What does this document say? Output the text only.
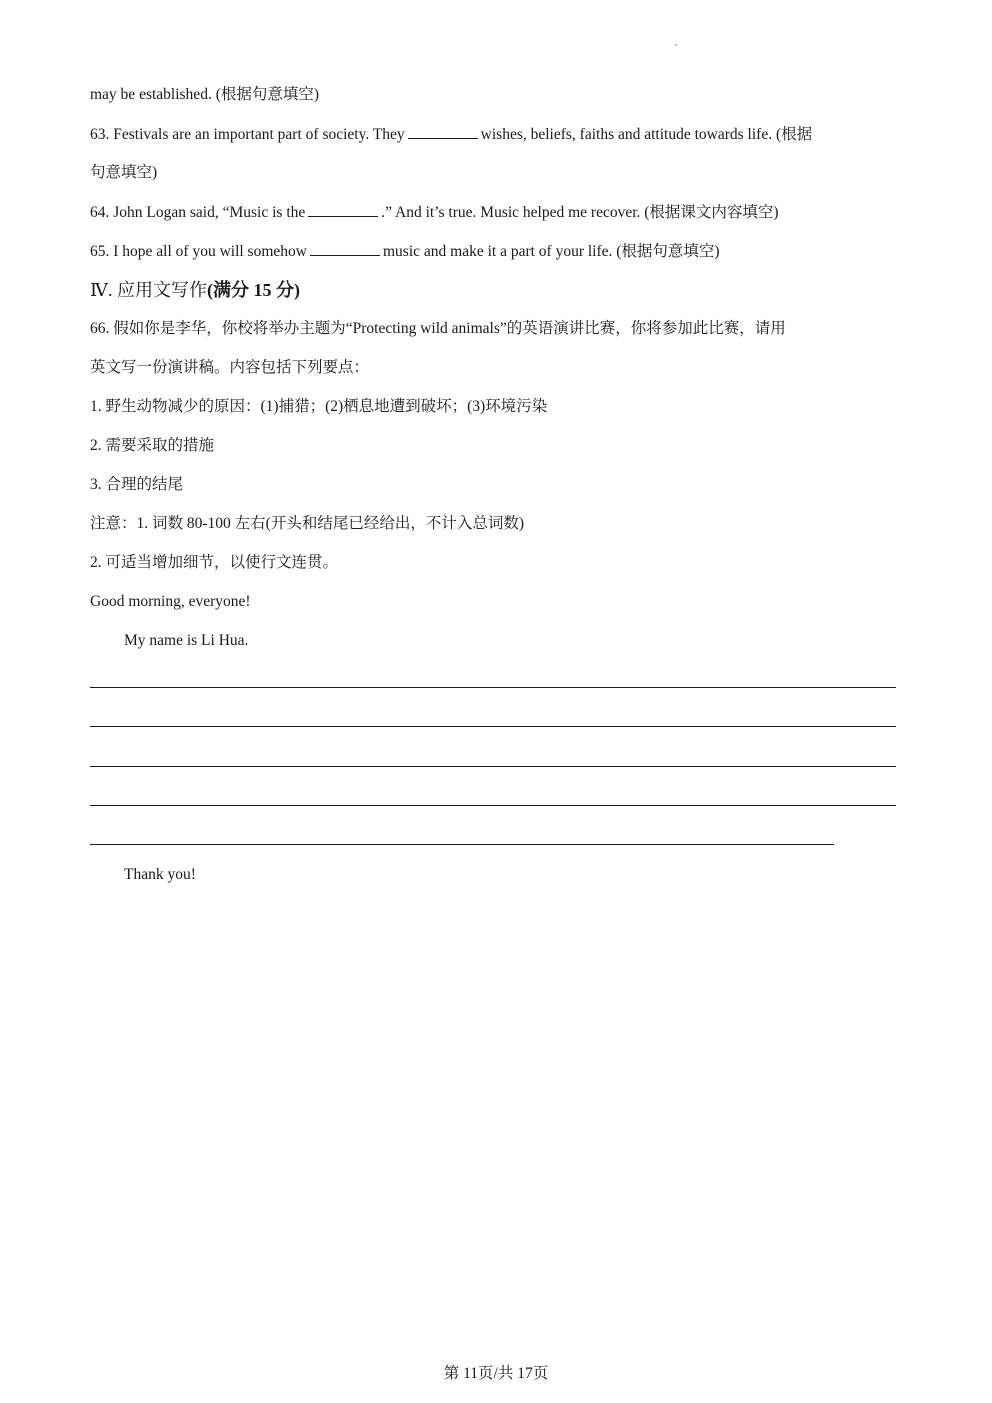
may be established. (根据句意填空)
63. Festivals are an important part of society. They	wishes, beliefs, faiths and attitude towards life. (根据
句意填空)
64. John Logan said, “Music is the	.” And it’s true. Music helped me recover. (根据课文内容填空)
65. I hope all of you will somehow	music and make it a part of your life. (根据句意填空)
Ⅳ. 应用文写作(满分 15 分)
66. 假如你是李华，你校将举办主题为“Protecting wild animals”的英语演讲比赛，你将参加此比赛，请用
英文写一份演讲稿。内容包括下列要点：
1. 野生动物减少的原因：(1)捕猎；(2)栖息地遭到破坏；(3)环境污染
2. 需要采取的措施
3. 合理的结尾
注意：1. 词数 80-100 左右(开头和结尾已经给出，不计入总词数)
2. 可适当增加细节，以使行文连贯。
Good morning, everyone!
My name is Li Hua.
Thank you!
第 11页/共 17页
